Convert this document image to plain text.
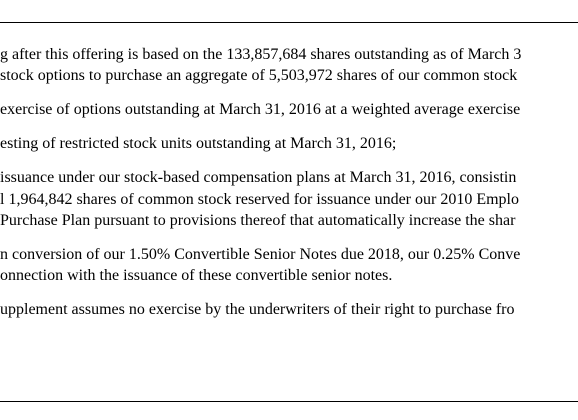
g after this offering is based on the 133,857,684 shares outstanding as of March 3
stock options to purchase an aggregate of 5,503,972 shares of our common stock
exercise of options outstanding at March 31, 2016 at a weighted average exercise
esting of restricted stock units outstanding at March 31, 2016;
issuance under our stock-based compensation plans at March 31, 2016, consistin
l 1,964,842 shares of common stock reserved for issuance under our 2010 Emplo
Purchase Plan pursuant to provisions thereof that automatically increase the shar
n conversion of our 1.50% Convertible Senior Notes due 2018, our 0.25% Conve
onnection with the issuance of these convertible senior notes.
upplement assumes no exercise by the underwriters of their right to purchase fro
